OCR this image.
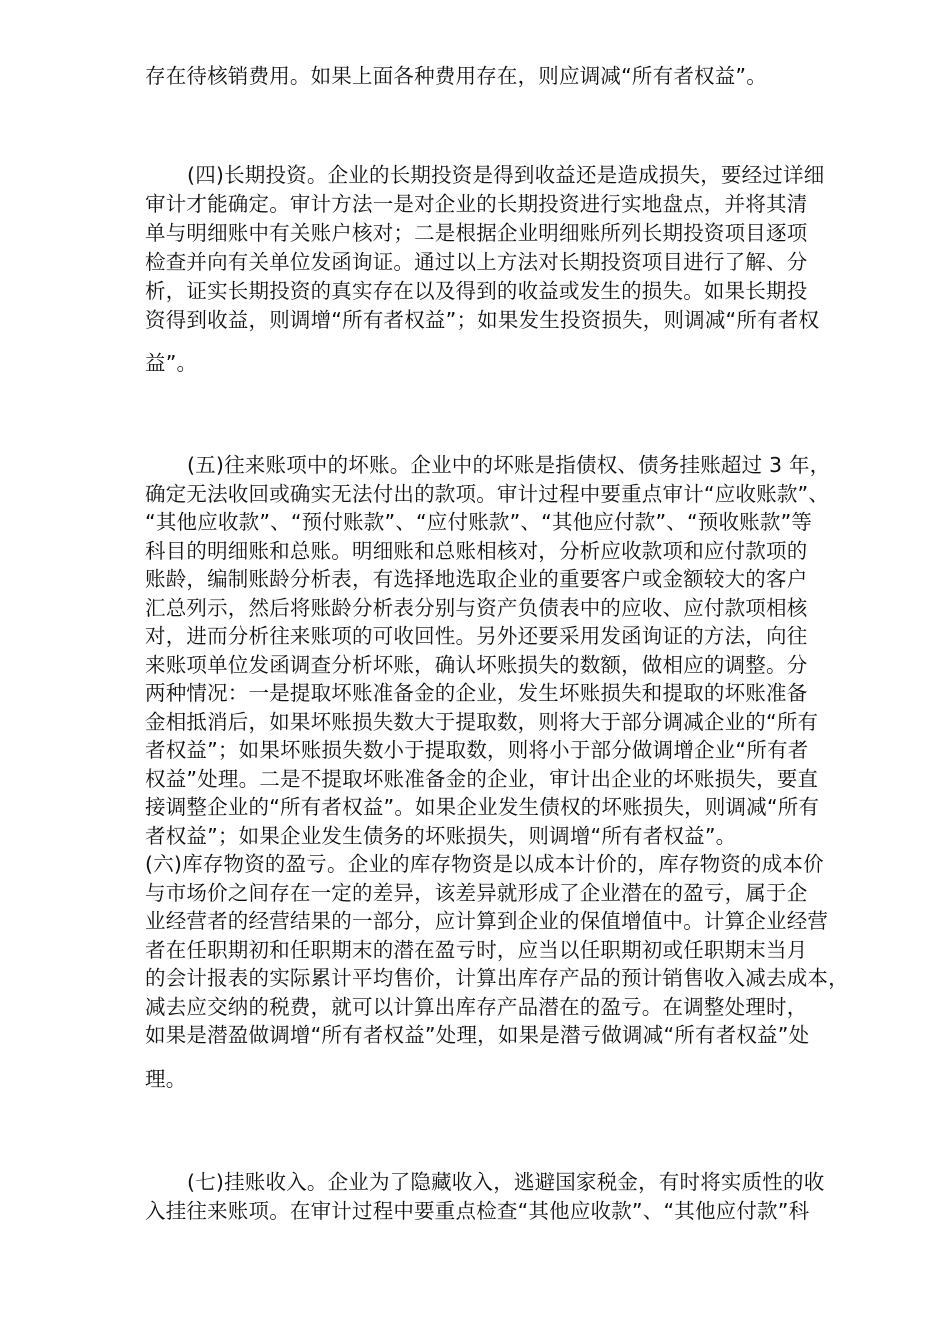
存在待核销费用。如果上面各种费用存在，则应调减“所有者权益”。
(四)长期投资。企业的长期投资是得到收益还是造成损失，要经过详细
审计才能确定。审计方法一是对企业的长期投资进行实地盘点，并将其清
单与明细账中有关账户核对；二是根据企业明细账所列长期投资项目逐项
检查并向有关单位发函询证。通过以上方法对长期投资项目进行了解、分
析，证实长期投资的真实存在以及得到的收益或发生的损失。如果长期投
资得到收益，则调增“所有者权益”；如果发生投资损失，则调减“所有者权
益”。
(五)往来账项中的坏账。企业中的坏账是指债权、债务挂账超过 3 年，
确定无法收回或确实无法付出的款项。审计过程中要重点审计“应收账款”、
“其他应收款”、“预付账款”、“应付账款”、“其他应付款”、“预收账款”等
科目的明细账和总账。明细账和总账相核对，分析应收款项和应付款项的
账龄，编制账龄分析表，有选择地选取企业的重要客户或金额较大的客户
汇总列示，然后将账龄分析表分别与资产负债表中的应收、应付款项相核
对，进而分析往来账项的可收回性。另外还要采用发函询证的方法，向往
来账项单位发函调查分析坏账，确认坏账损失的数额，做相应的调整。分
两种情况：一是提取坏账准备金的企业，发生坏账损失和提取的坏账准备
金相抵消后，如果坏账损失数大于提取数，则将大于部分调减企业的“所有
者权益”；如果坏账损失数小于提取数，则将小于部分做调增企业“所有者
权益”处理。二是不提取坏账准备金的企业，审计出企业的坏账损失，要直
接调整企业的“所有者权益”。如果企业发生债权的坏账损失，则调减“所有
者权益”；如果企业发生债务的坏账损失，则调增“所有者权益”。
(六)库存物资的盈亏。企业的库存物资是以成本计价的，库存物资的成本价
与市场价之间存在一定的差异，该差异就形成了企业潜在的盈亏，属于企
业经营者的经营结果的一部分，应计算到企业的保值增值中。计算企业经营
者在任职期初和任职期末的潜在盈亏时，应当以任职期初或任职期末当月
的会计报表的实际累计平均售价，计算出库存产品的预计销售收入减去成本，
减去应交纳的税费，就可以计算出库存产品潜在的盈亏。在调整处理时，
如果是潜盈做调增“所有者权益”处理，如果是潜亏做调减“所有者权益”处
理。
(七)挂账收入。企业为了隐藏收入，逃避国家税金，有时将实质性的收
入挂往来账项。在审计过程中要重点检查“其他应收款”、“其他应付款”科
